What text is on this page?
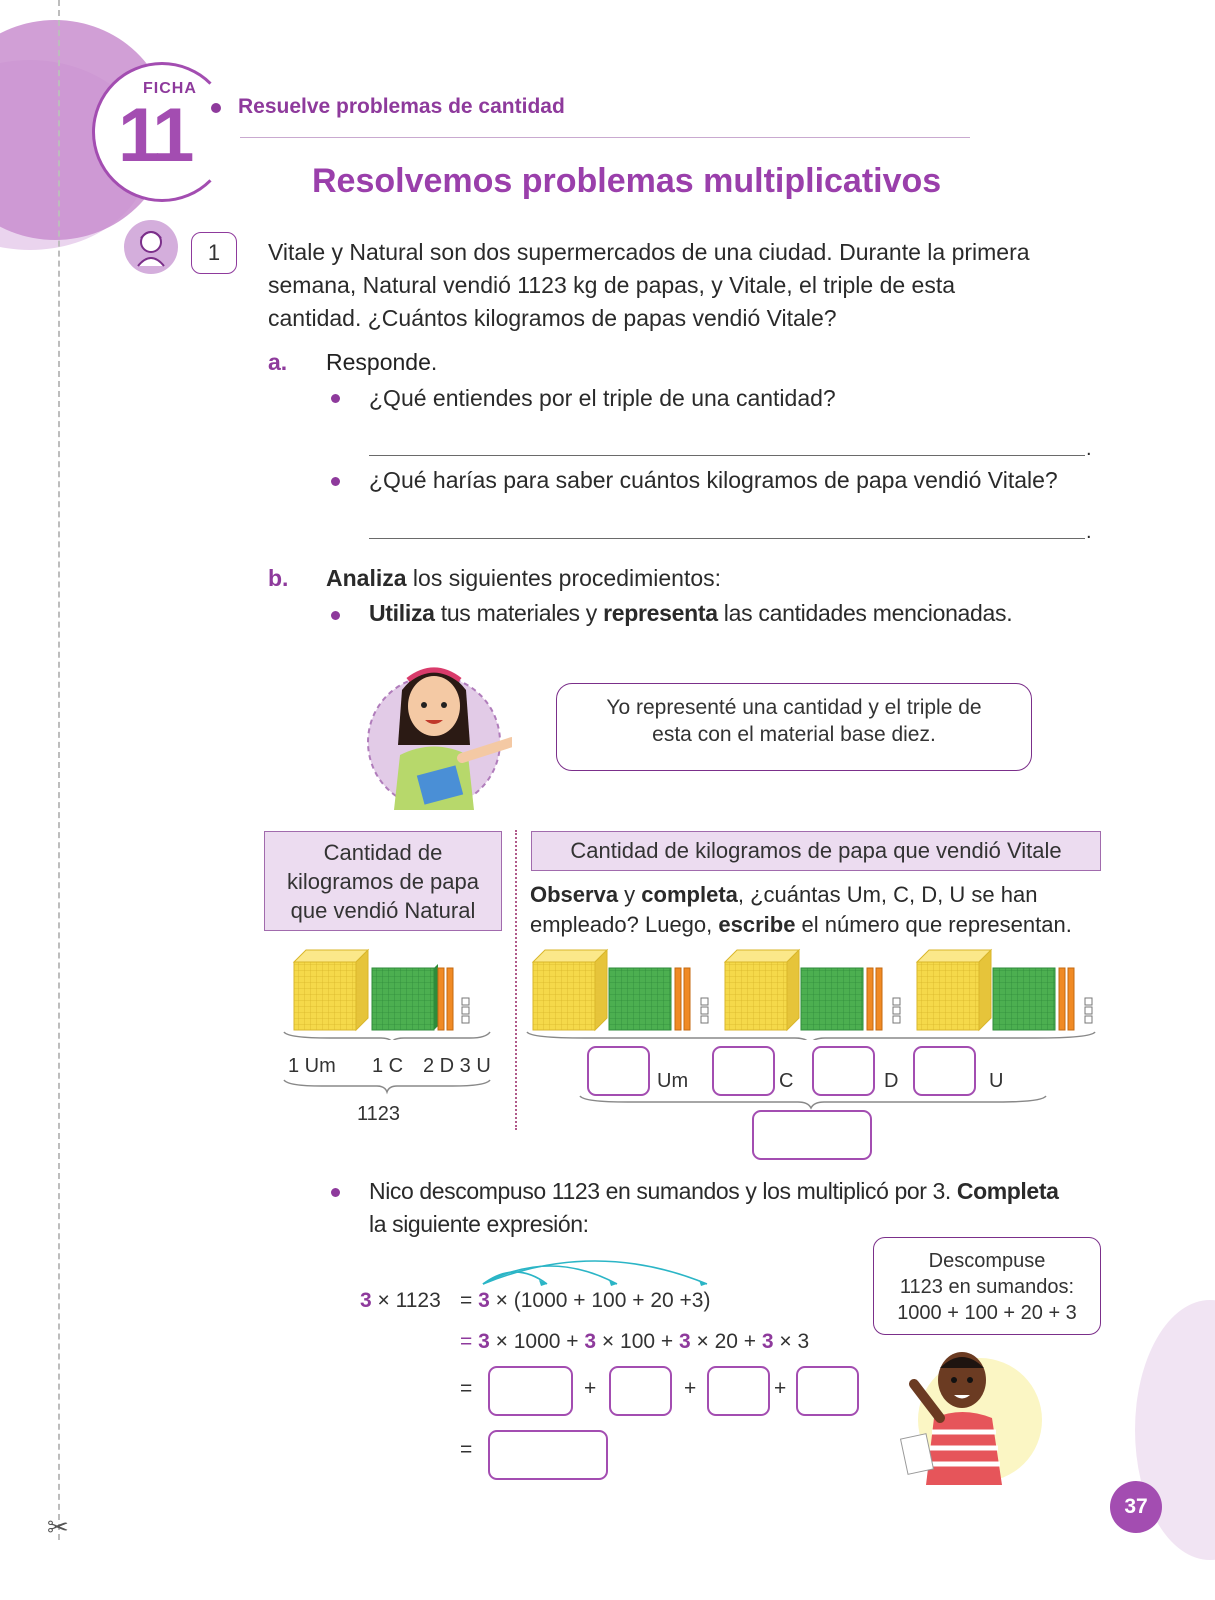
✂
FICHA
11 Resuelve problemas de cantidad
Resolvemos problemas multiplicativos
1	Vitale y Natural son dos supermercados de una ciudad. Durante la primera
semana, Natural vendió 1123 kg de papas, y Vitale, el triple de esta
cantidad. ¿Cuántos kilogramos de papas vendió Vitale?
a. Responde.
¿Qué entiendes por el triple de una cantidad?
.
¿Qué harías para saber cuántos kilogramos de papa vendió Vitale?
.
b. Analiza los siguientes procedimientos:
Utiliza tus materiales y representa las cantidades mencionadas.
Yo representé una cantidad y el triple de
esta con el material base diez.
Cantidad de
kilogramos de papa
que vendió Natural
Cantidad de kilogramos de papa que vendió Vitale
Observa y completa, ¿cuántas Um, C, D, U se han
empleado? Luego, escribe el número que representan.
1 Um 1 C 2 D 3 U
1123
Um	C	D	U
Nico descompuso 1123 en sumandos y los multiplicó por 3. Completa
la siguiente expresión:
3 × 1123 = 3 × (1000 + 100 + 20 +3)
= 3 × 1000 + 3 × 100 + 3 × 20 + 3 × 3
=	+	+	+
=
Descompuse
1123 en sumandos:
1000 + 100 + 20 + 3
37
